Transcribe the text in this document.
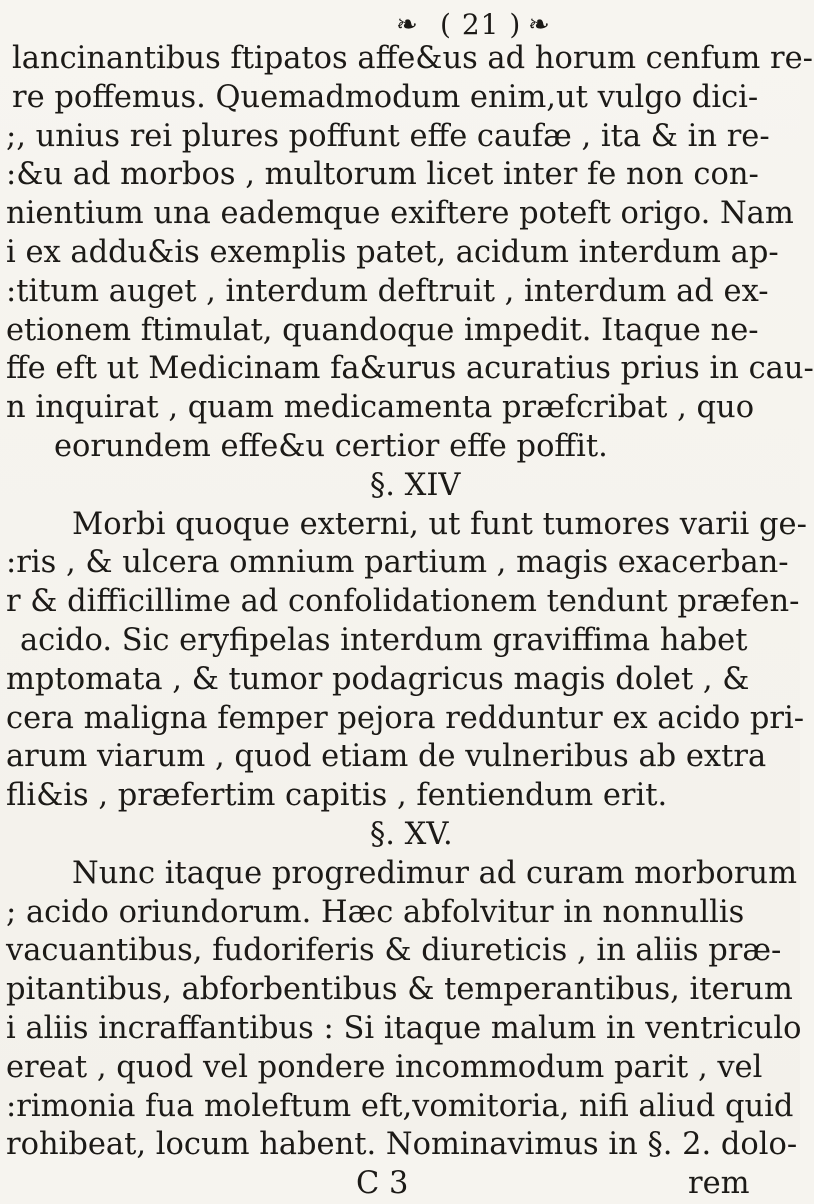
❧ ( 21 ) ❧
lancinantibus ftipatos affe&us ad horum cenfum re-
re poffemus. Quemadmodum enim,ut vulgo dici-
;, unius rei plures poffunt effe caufæ , ita & in re-
:&u ad morbos , multorum licet inter fe non con-
nientium una eademque exiftere poteft origo. Nam
i ex addu&is exemplis patet, acidum interdum ap-
:titum auget , interdum deftruit , interdum ad ex-
etionem ftimulat, quandoque impedit. Itaque ne-
ffe eft ut Medicinam fa&urus acuratius prius in cau-
n inquirat , quam medicamenta præfcribat , quo
eorundem effe&u certior effe poffit.
§. XIV
Morbi quoque externi, ut funt tumores varii ge-
:ris , & ulcera omnium partium , magis exacerban-
r & difficillime ad confolidationem tendunt præfen-
acido. Sic eryfipelas interdum graviffima habet
mptomata , & tumor podagricus magis dolet , &
cera maligna femper pejora redduntur ex acido pri-
arum viarum , quod etiam de vulneribus ab extra
fli&is , præfertim capitis , fentiendum erit.
§. XV.
Nunc itaque progredimur ad curam morborum
; acido oriundorum. Hæc abfolvitur in nonnullis
vacuantibus, fudoriferis & diureticis , in aliis præ-
pitantibus, abforbentibus & temperantibus, iterum
i aliis incraffantibus : Si itaque malum in ventriculo
ereat , quod vel pondere incommodum parit , vel
:rimonia fua moleftum eft,vomitoria, nifi aliud quid
rohibeat, locum habent. Nominavimus in §. 2. dolo-
C 3	rem
